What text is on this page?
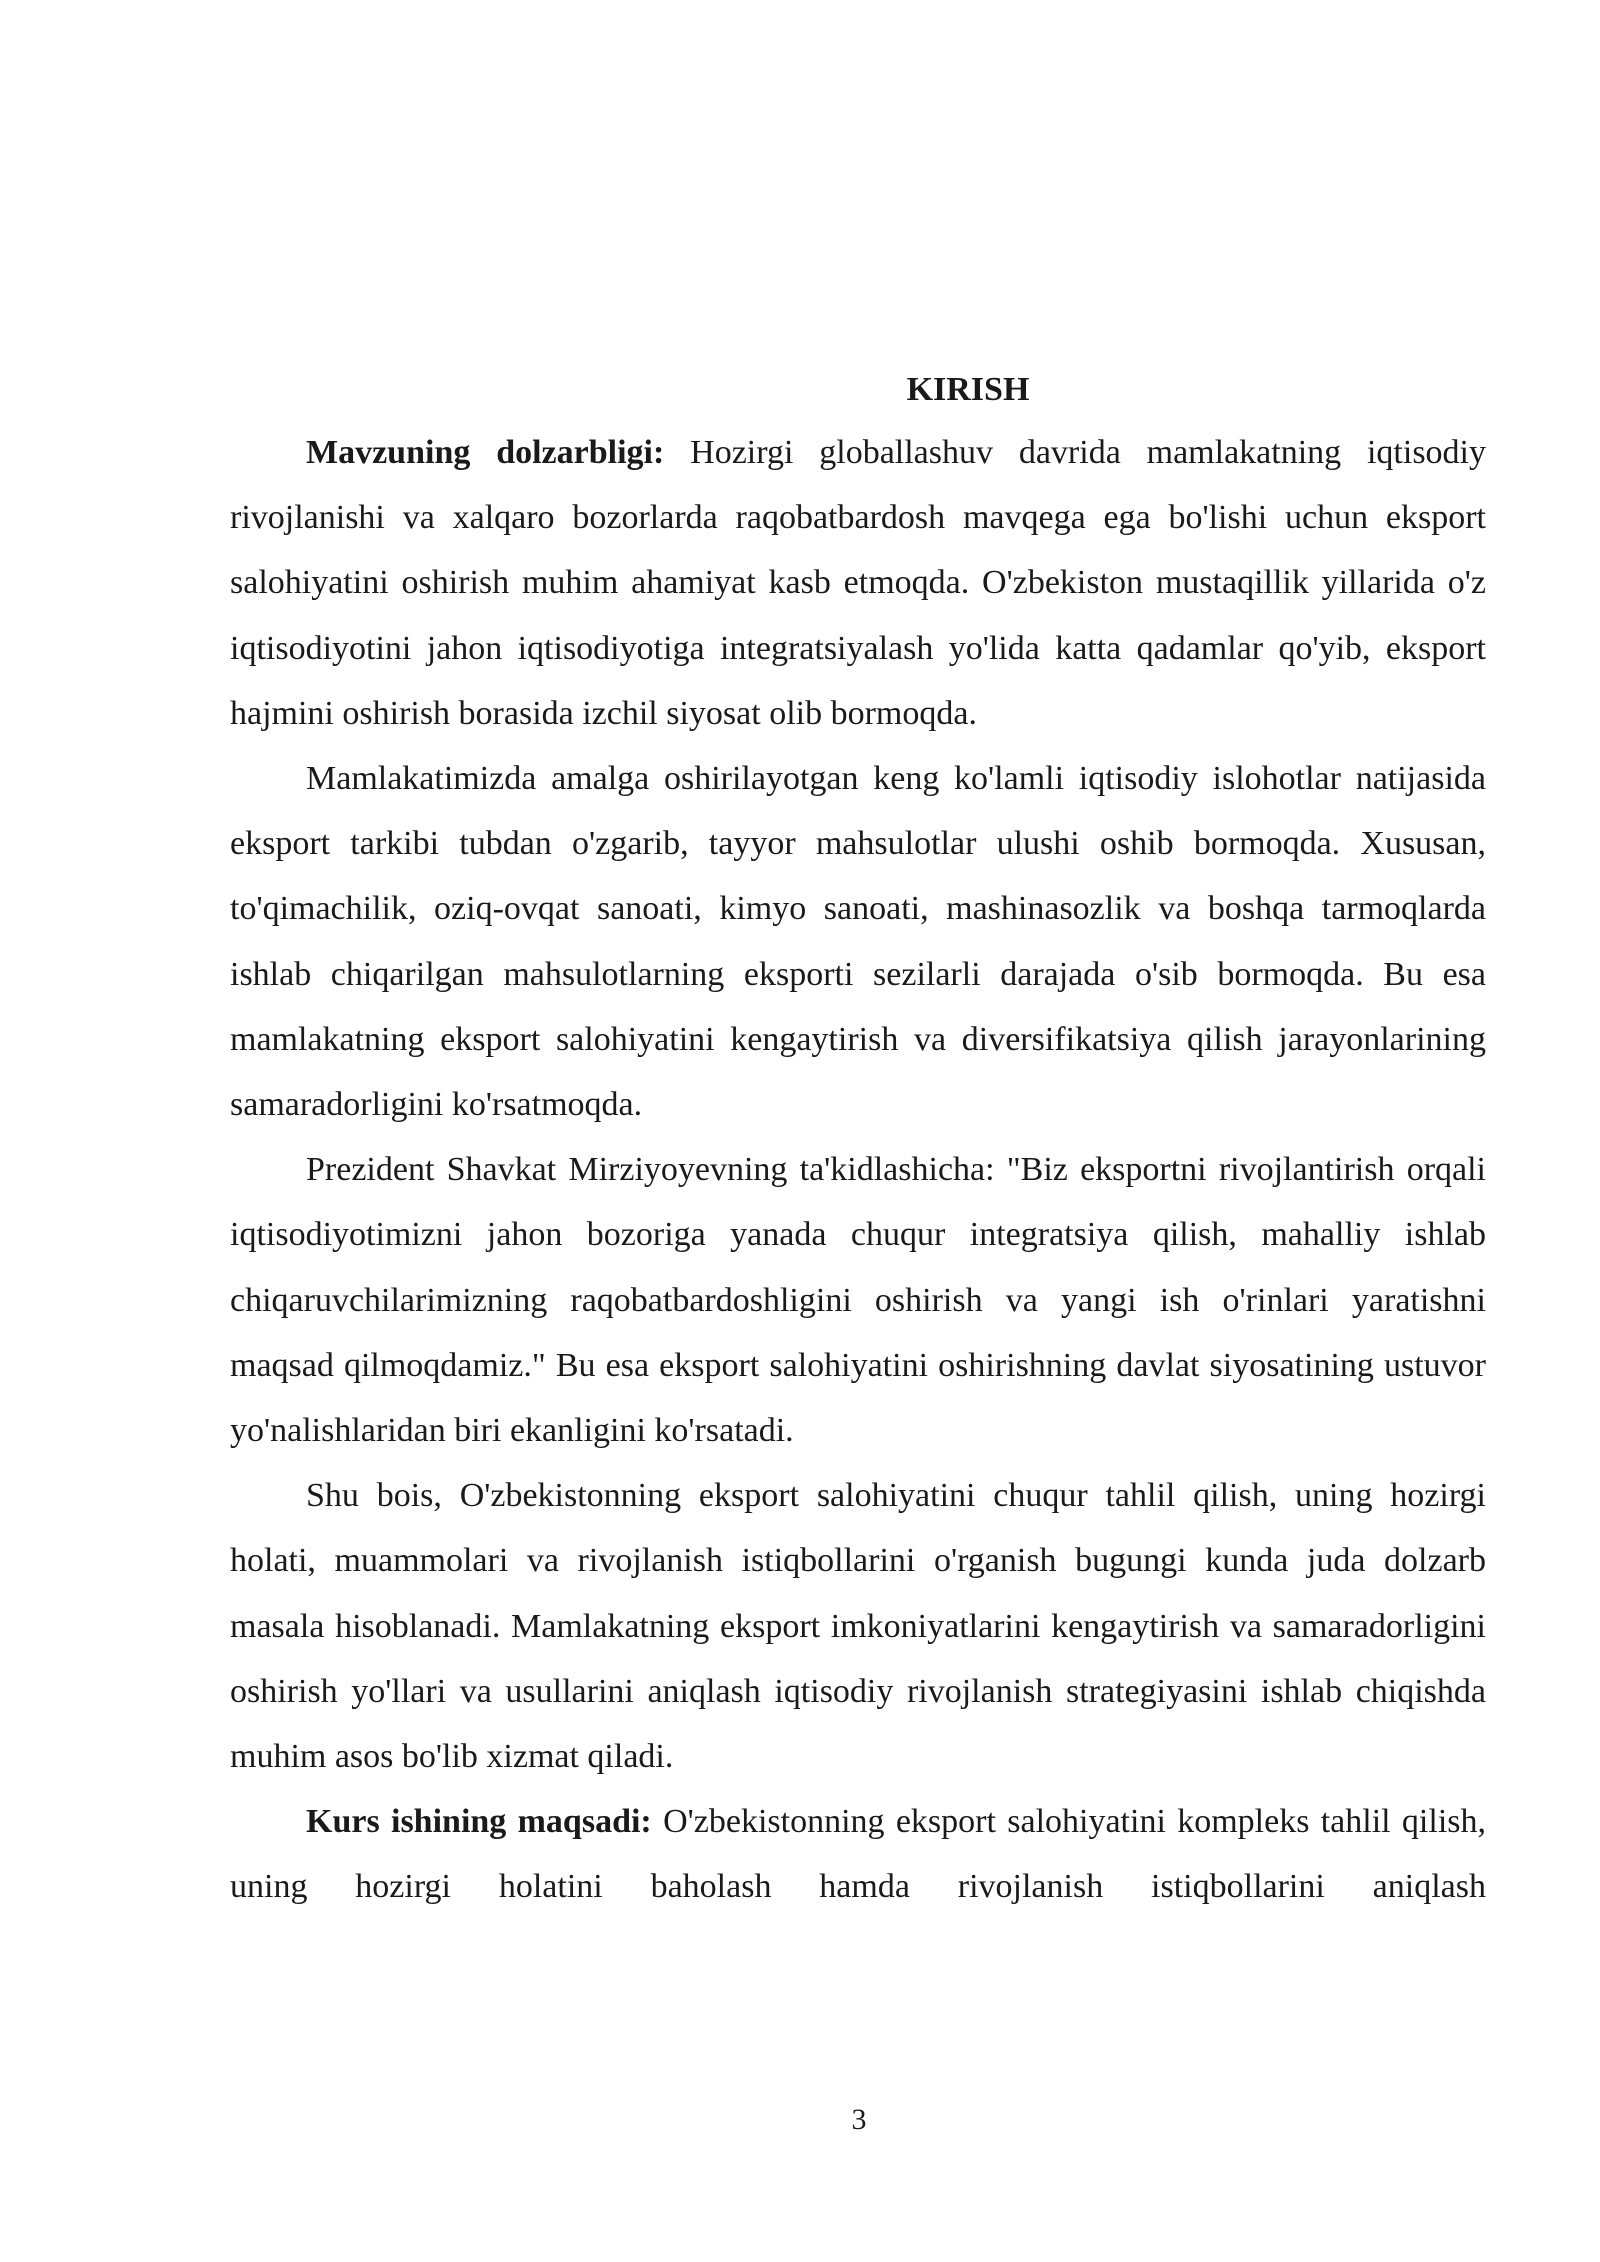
KIRISH

Mavzuning dolzarbligi: Hozirgi globallashuv davrida mamlakatning iqtisodiy rivojlanishi va xalqaro bozorlarda raqobatbardosh mavqega ega bo'lishi uchun eksport salohiyatini oshirish muhim ahamiyat kasb etmoqda. O'zbekiston mustaqillik yillarida o'z iqtisodiyotini jahon iqtisodiyotiga integratsiyalash yo'lida katta qadamlar qo'yib, eksport hajmini oshirish borasida izchil siyosat olib bormoqda.

Mamlakatimizda amalga oshirilayotgan keng ko'lamli iqtisodiy islohotlar natijasida eksport tarkibi tubdan o'zgarib, tayyor mahsulotlar ulushi oshib bormoqda. Xususan, to'qimachilik, oziq-ovqat sanoati, kimyo sanoati, mashinasozlik va boshqa tarmoqlarda ishlab chiqarilgan mahsulotlarning eksporti sezilarli darajada o'sib bormoqda. Bu esa mamlakatning eksport salohiyatini kengaytirish va diversifikatsiya qilish jarayonlarining samaradorligini ko'rsatmoqda.

Prezident Shavkat Mirziyoyevning ta'kidlashicha: "Biz eksportni rivojlantirish orqali iqtisodiyotimizni jahon bozoriga yanada chuqur integratsiya qilish, mahalliy ishlab chiqaruvchilarimizning raqobatbardoshligini oshirish va yangi ish o'rinlari yaratishni maqsad qilmoqdamiz." Bu esa eksport salohiyatini oshirishning davlat siyosatining ustuvor yo'nalishlaridan biri ekanligini ko'rsatadi.

Shu bois, O'zbekistonning eksport salohiyatini chuqur tahlil qilish, uning hozirgi holati, muammolari va rivojlanish istiqbollarini o'rganish bugungi kunda juda dolzarb masala hisoblanadi. Mamlakatning eksport imkoniyatlarini kengaytirish va samaradorligini oshirish yo'llari va usullarini aniqlash iqtisodiy rivojlanish strategiyasini ishlab chiqishda muhim asos bo'lib xizmat qiladi.

Kurs ishining maqsadi: O'zbekistonning eksport salohiyatini kompleks tahlil qilish, uning hozirgi holatini baholash hamda rivojlanish istiqbollarini aniqlash

3
